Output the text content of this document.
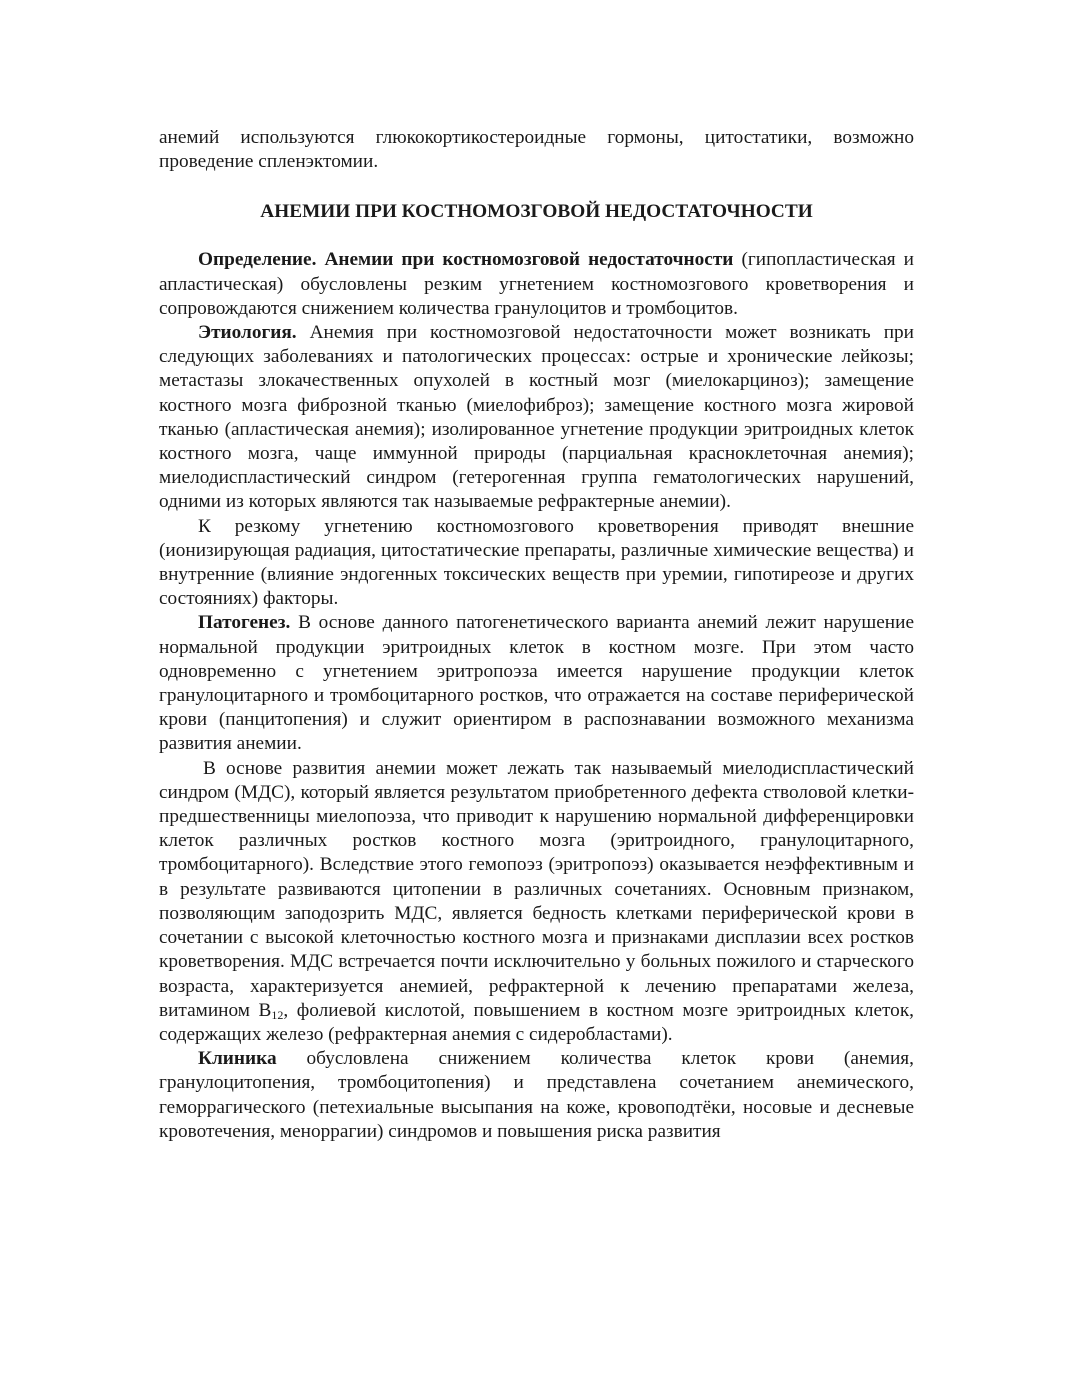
анемий используются глюкокортикостероидные гормоны, цитостатики, возможно проведение спленэктомии.

АНЕМИИ ПРИ КОСТНОМОЗГОВОЙ НЕДОСТАТОЧНОСТИ

Определение. Анемии при костномозговой недостаточности (гипопластическая и апластическая) обусловлены резким угнетением костномозгового кроветворения и сопровождаются снижением количества гранулоцитов и тромбоцитов.

Этиология. Анемия при костномозговой недостаточности может возникать при следующих заболеваниях и патологических процессах: острые и хронические лейкозы; метастазы злокачественных опухолей в костный мозг (миелокарциноз); замещение костного мозга фиброзной тканью (миелофиброз); замещение костного мозга жировой тканью (апластическая анемия); изолированное угнетение продукции эритроидных клеток костного мозга, чаще иммунной природы (парциальная красноклеточная анемия); миелодиспластический синдром (гетерогенная группа гематологических нарушений, одними из которых являются так называемые рефрактерные анемии).

К резкому угнетению костномозгового кроветворения приводят внешние (ионизирующая радиация, цитостатические препараты, различные химические вещества) и внутренние (влияние эндогенных токсических веществ при уремии, гипотиреозе и других состояниях) факторы.

Патогенез. В основе данного патогенетического варианта анемий лежит нарушение нормальной продукции эритроидных клеток в костном мозге. При этом часто одновременно с угнетением эритропоэза имеется нарушение продукции клеток гранулоцитарного и тромбоцитарного ростков, что отражается на составе периферической крови (панцитопения) и служит ориентиром в распознавании возможного механизма развития анемии.

В основе развития анемии может лежать так называемый миелодиспластический синдром (МДС), который является результатом приобретенного дефекта стволовой клетки-предшественницы миелопоэза, что приводит к нарушению нормальной дифференцировки клеток различных ростков костного мозга (эритроидного, гранулоцитарного, тромбоцитарного). Вследствие этого гемопоэз (эритропоэз) оказывается неэффективным и в результате развиваются цитопении в различных сочетаниях. Основным признаком, позволяющим заподозрить МДС, является бедность клетками периферической крови в сочетании с высокой клеточностью костного мозга и признаками дисплазии всех ростков кроветворения. МДС встречается почти исключительно у больных пожилого и старческого возраста, характеризуется анемией, рефрактерной к лечению препаратами железа, витамином $B_{12}$, фолиевой кислотой, повышением в костном мозге эритроидных клеток, содержащих железо (рефрактерная анемия с сидеробластами).

Клиника обусловлена снижением количества клеток крови (анемия, гранулоцитопения, тромбоцитопения) и представлена сочетанием анемического, геморрагического (петехиальные высыпания на коже, кровоподтёки, носовые и десневые кровотечения, меноррагии) синдромов и повышения риска развития
